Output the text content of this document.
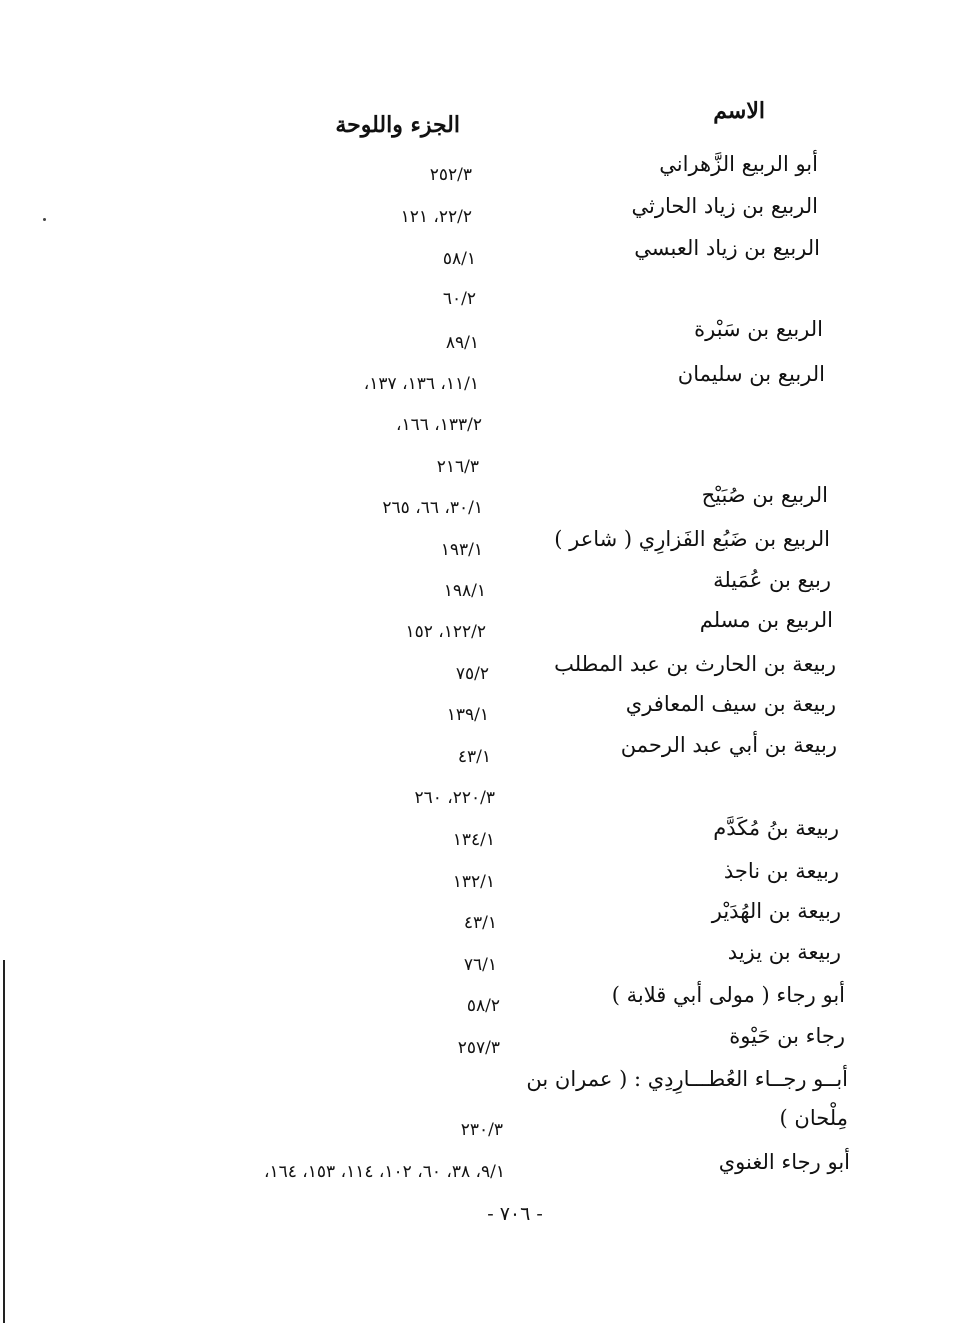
الاسم
الجزء واللوحة
أبو الربيع الزَّهراني
الربيع بن زياد الحارثي
الربيع بن زياد العبسي
الربيع بن سَبْرة
الربيع بن سليمان
الربيع بن صُبَيْح
الربيع بن ضَبُع الفَزارِي ( شاعر )
ربيع بن عُمَيلة
الربيع بن مسلم
ربيعة بن الحارث بن عبد المطلب
ربيعة بن سيف المعافري
ربيعة بن أبي عبد الرحمن
ربيعة بنُ مُكَدَّم
ربيعة بن ناجذ
ربيعة بن الهُدَيْر
ربيعة بن يزيد
أبو رجاء ( مولى أبي قلابة )
رجاء بن حَيْوة
أبــو رجــاء العُطـــارِدِي : ( عمران بن
مِلْحان )
أبو رجاء الغنوي
٢٥٢/٣
٢٢/٢، ١٢١
٥٨/١
٦٠/٢
٨٩/١
١١/١، ١٣٦، ١٣٧،
١٣٣/٢، ١٦٦،
٢١٦/٣
٣٠/١، ٦٦، ٢٦٥
١٩٣/١
١٩٨/١
١٢٢/٢، ١٥٢
٧٥/٢
١٣٩/١
٤٣/١
٢٢٠/٣، ٢٦٠
١٣٤/١
١٣٢/١
٤٣/١
٧٦/١
٥٨/٢
٢٥٧/٣
٢٣٠/٣
٩/١، ٣٨، ٦٠، ١٠٢، ١١٤، ١٥٣، ١٦٤،
- ٧٠٦ -
